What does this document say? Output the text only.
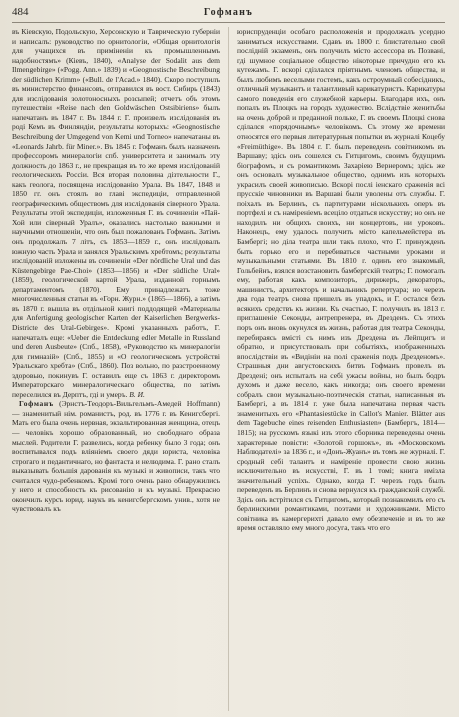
484	Гофманъ

въ Кіевскую, Подольскую, Херсонскую и Таврическую губерніи и написалъ: руководство по орнитологіи, «Общая орнитологія для учащихся въ приміненіи къ промышленнымъ надобностямъ» (Кіевъ, 1840), «Analyse der Sodalit aus dem Ilmengebirge» («Pogg. Ann.» 1839) и «Geognostische Beschreibung der südlichen Krimm» («Bull. de l'Acad.» 1840). Скоро поступилъ въ министерство финансовъ, отправился въ вост. Сибирь (1843) для изслідованія золотоносныхъ розсыпей; отчетъ объ этомъ путешествіи «Reise nach den Goldwäschen Ostsibiriens» былъ напечатанъ въ 1847 г. Въ 1844 г. Г. произвелъ изслідованія въ роді Кемъ въ Финляндіи, результаты которыхъ: «Geognostische Beschreibung der Umgegend von Kemi und Torneo» напечатаны въ «Leonards Jahrb. für Miner.». Въ 1845 г. Гофманъ былъ назначенъ профессоромъ минералогіи спб. университета и занималъ эту должность до 1863 г., не прекращая въ то же время изслідованій геологическихъ Россіи. Вся вторая половина дізтельности Г., какъ геолога, посвящена изслідованію Урала. Въ 1847, 1848 и 1850 гг. онъ стоялъ во главі экспедиціи, отправленной географическимъ обществомъ для изслідованія сіверного Урала. Результаты этой экспедиціи, изложенныя Г. въ сочиненіи «Пай-Хой или сіверный Уралъ», оказались настолько важными и научными отношеніи, что онъ был пожалованъ Гофманъ. Затімъ онъ продолжалъ 7 літъ, съ 1853—1859 г., онъ изслідовалъ южную часть Урала и занялся Уральскимъ хребтомъ; результаты изслідованій изложены въ сочиненіи «Der nördliche Ural und das Küstengebirge Pae-Choi» (1853—1856) и «Der südliche Ural» (1859), геологической картой Урала, изданной горнымъ департаментомъ (1870). Ему принадлежатъ тоже многочисленныя статьи въ «Горн. Журн.» (1865—1866), а затімъ въ 1870 г. вышла въ отдільной книгі поддодящей «Материалы для Anfertigung geologischer Karten der Kaiserlichen Bergwerks-Districte des Ural-Gebirges». Кромі указанныхъ работъ, Г. напечаталъ еще: «Ueber die Entdeckung edler Metalle in Russland und deren Ausbeute» (Спб., 1858), «Руководство къ минералогіи для гимназій» (Спб., 1855) и «О геологическомъ устройстві Уральскаго хребта» (Спб., 1860). Поз вольно, по разстроенному здоровью, покинувъ Г. оставилъ еще съ 1863 г. директоромъ Императорскаго минералогическаго общества, по затімъ переселился въ Дерптъ, гді и умеръ. В. И.

Гофманъ (Эрнстъ-Теодоръ-Вильгельмъ-Амедей Hoffmann) — знаменитый нім. романистъ, род. въ 1776 г. въ Кенигсбергі. Мать его была очень нервная, экзальтированная женщина, отецъ — человікъ хорошо образованный, но свободнаго образа мыслей. Родители Г. развелись, когда ребенку было 3 года; онъ воспитывался подъ вліяніемъ своего дяди юриста, человіка строгаго и педантичнаго, но фантаста и нелюдима. Г. рано сталъ выказывать большія дарованія къ музыкі и живописи, такъ что считался чудо-ребенкомъ. Кромі того очень рано обнаружились у него и способность къ рисованію и къ музыкі. Прекрасно окончилъ курсъ юрид. наукъ въ кенигсбергскомъ унив., хотя не чувствовалъ къ

юриспруденціи особаго расположенія и продолжалъ усердно заниматься искусствами. Сдавъ въ 1800 г. блистательно свой послідній экзаменъ, онъ получилъ місто ассессора въ Позвані, гді шумное соціальное общество нікоторые причудно его къ кутежамъ. Г. вскорі сдізлался пріятнымъ членомъ общества, и былъ любимъ веселыми гостемъ, какъ остроумный собесідникъ, отличный музыкантъ и талантливый карикатуристъ. Карикатуры самого поведенія его служебной карьеры. Благодаря ихъ, онъ попалъ въ Плоцкъ на городъ художество. Вслідствіе женитьбы на очень доброй и преданной польке, Г. въ своемъ Плоцкі снова сділался «порядочнымъ» человікомъ. Съ этому же времени относятся его первыя литературныя попытки въ журналі Коцебу «Freimüthige». Въ 1804 г. Г. былъ переведенъ совітникомъ въ Варшаву; здісь онъ сошелся съ Гитцигомъ, своимъ будущимъ біографомъ, и съ романтикомъ Захаріею Вернеромъ; здісь же онъ основалъ музыкальное общество, однимъ изъ которыхъ украсилъ своей живописью. Вскорі послі іенскаго сраженія всі прусскіе чиновники въ Варшаві были уволены отъ службы. Г. поіхалъ въ Берлинъ, съ партитурами нісколькихъ оперъ въ портфелі и съ наміреніемъ всеціло отдаться искусству; но онъ не находилъ ни общихъ своихъ, ни концертовъ, ни уроковъ. Наконецъ, ему удалось получить місто капельмейстера въ Бамбергі; но діла театра шли такъ плохо, что Г. принужденъ быть горько его и перебиваться частными уроками и музыкальными статьями. Въ 1810 г. одинъ его знакомый, Гольбейнъ, взялся возстановить бамбергскій театръ; Г. помогалъ ему, работая какъ композиторъ, дирижеръ, декораторъ, машинистъ, архитекторъ и начальникъ репертуара; но черезъ два года театръ снова пришелъ въ упадокъ, и Г. остался безъ всякихъ средствъ къ жизни. Къ счастью, Г. получилъ въ 1813 г. приглашеніе Секонды, антрепренера, въ Дрезденъ. Съ этихъ поръ онъ вновь окунулся въ жизнь, работая для театра Секонды, перебираясь вмісті съ нимъ изъ Дрездена въ Лейпцигъ и обратно, и присутствовалъ при событіяхъ, изображенныхъ впослідствіи въ «Видініи на полі сраженія подъ Дрезденомъ». Страшныя дни августовскихъ битвъ Гофманъ провелъ въ Дрездені; онъ испыталъ на себі ужасы войны, но былъ бодръ духомъ и даже весело, какъ никогда; онъ своего времени собралъ свои музыкально-поэтическія статьи, написанныя въ Бамбергі, а въ 1814 г. уже была напечатана первая часть знаменитыхъ его «Phantasiestücke in Callot's Manier. Blätter aus dem Tagebuche eines reisenden Enthusiasten» (Бамбергъ, 1814—1815); на русскомъ языкі изъ этого сборника переведены очень характерные повісти: «Золотой горшокъ», въ «Московскомъ Наблюдателі» за 1836 г., и «Донъ-Жуанъ» въ томъ же журналі. Г. сродный себі талантъ и наміреніе провести свою жизнь исключительно въ искусстві, Г. въ 1 томі; книга имізла значительный успіхъ. Однако, когда Г. черезъ годъ былъ переведенъ въ Берлинъ и снова вернулся къ гражданской службі. Здісь онъ встрітился съ Гитцигомъ, который познакомилъ его съ берлинскими романтиками, поэтами и художниками. Місто совітника въ камергерихті давало ему обезпеченіе и въ то же время оставляло ему много досуга, такъ что его
